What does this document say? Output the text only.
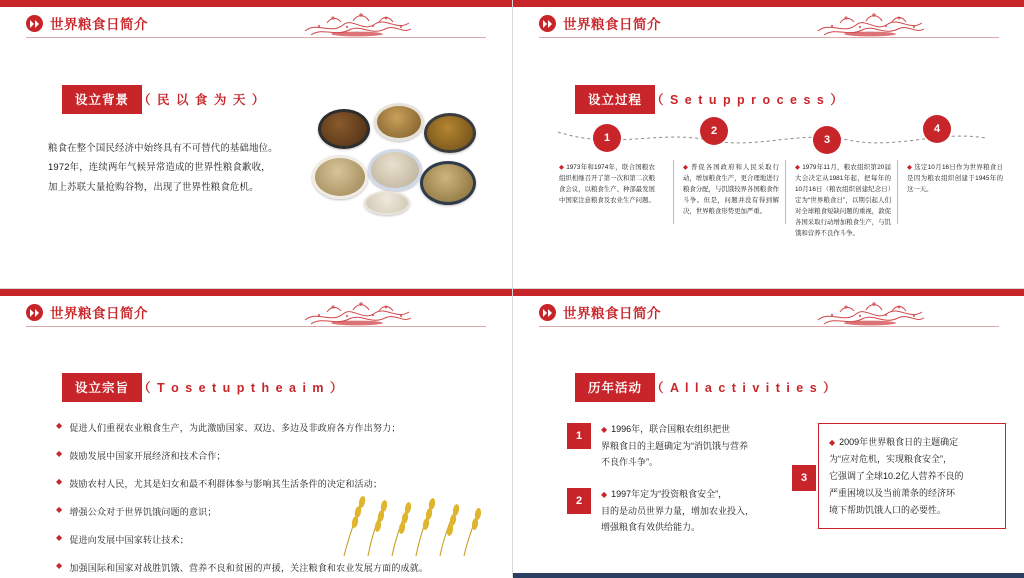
世界粮食日简介
设立背景 （ 民 以 食 为 天 ）
粮食在整个国民经济中始终具有不可替代的基础地位。
1972年，连续两年气候异常造成的世界性粮食歉收，
加上苏联大量抢购谷物，出现了世界性粮食危机。
世界粮食日简介
设立过程 （ S e t u p p r o c e s s ）
1
2
3
4
◆ 1973年和1974年，联合国粮农组织相继召开了第一次和第二次粮食会议，以粮食生产、种部最发展中国家注意粮食及农业生产问题。
◆ 普促各国政府和人民采取行动，增加粮食生产，更合理地进行粮食分配，与饥饿较界各国粮食作斗争。但是，问题并没有得到解决，世界粮食形势更加严重。
◆ 1979年11月，粮农组织第20届大会决定从1981年起，把每年的10月16日（粮农组织创建纪念日）定为“世界粮食日”，以期引起人们对全球粮食短缺问题的重视，敦促各国采取行动增加粮食生产，与饥饿和营养不良作斗争。
◆ 选定10月16日作为世界粮食日是因为粮农组织创建于1945年的这一天。
世界粮食日简介
设立宗旨 （ T o s e t u p t h e a i m ）
◆ 促进人们重视农业粮食生产，为此激励国家、双边、多边及非政府各方作出努力；
◆ 鼓励发展中国家开展经济和技术合作；
◆ 鼓励农村人民，尤其是妇女和最不利群体参与影响其生活条件的决定和活动；
◆ 增强公众对于世界饥饿问题的意识；
◆ 促进向发展中国家转让技术；
◆ 加强国际和国家对战胜饥饿、营养不良和贫困的声援，关注粮食和农业发展方面的成就。
世界粮食日简介
历年活动 （ A l l a c t i v i t i e s ）
1
◆ 1996年，联合国粮农组织把世
界粮食日的主题确定为“消饥饿与营养
不良作斗争”。
2
◆ 1997年定为“投资粮食安全”，
目的是动员世界力量，增加农业投入，
增强粮食有效供给能力。
3
◆ 2009年世界粮食日的主题确定
为“应对危机，实现粮食安全”，
它强调了全球10.2亿人营养不良的
严重困境以及当前萧条的经济环
境下帮助饥饿人口的必要性。
